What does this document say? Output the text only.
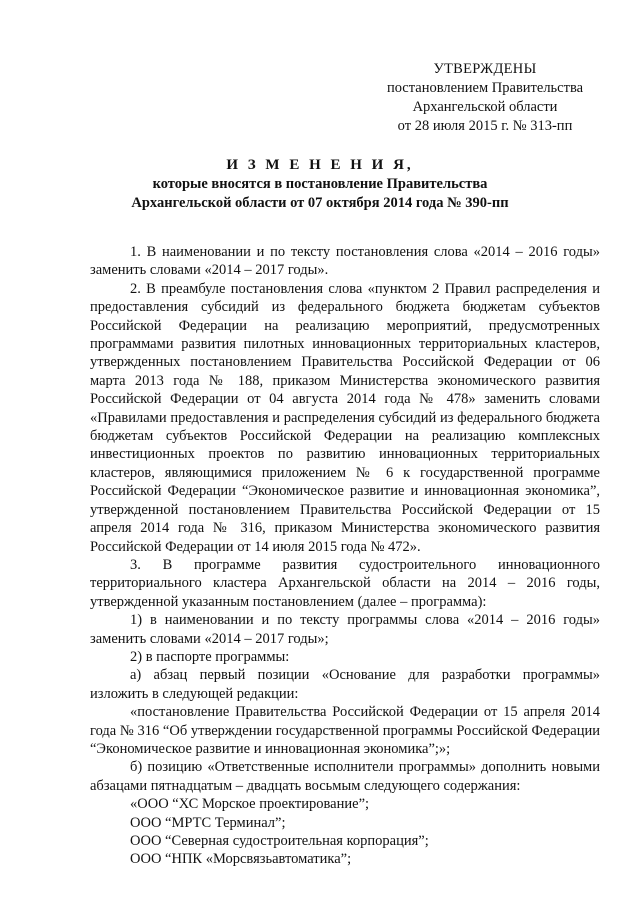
УТВЕРЖДЕНЫ
постановлением Правительства
Архангельской области
от 28 июля 2015 г. № 313-пп
И З М Е Н Е Н И Я,
которые вносятся в постановление Правительства
Архангельской области от 07 октября 2014 года № 390-пп

1. В наименовании и по тексту постановления слова «2014 – 2016 годы» заменить словами «2014 – 2017 годы».

2. В преамбуле постановления слова «пунктом 2 Правил распределения и предоставления субсидий из федерального бюджета бюджетам субъектов Российской Федерации на реализацию мероприятий, предусмотренных программами развития пилотных инновационных территориальных кластеров, утвержденных постановлением Правительства Российской Федерации от 06 марта 2013 года № 188, приказом Министерства экономического развития Российской Федерации от 04 августа 2014 года № 478» заменить словами «Правилами предоставления и распределения субсидий из федерального бюджета бюджетам субъектов Российской Федерации на реализацию комплексных инвестиционных проектов по развитию инновационных территориальных кластеров, являющимися приложением № 6 к государственной программе Российской Федерации “Экономическое развитие и инновационная экономика”, утвержденной постановлением Правительства Российской Федерации от 15 апреля 2014 года № 316, приказом Министерства экономического развития Российской Федерации от 14 июля 2015 года № 472».

3. В программе развития судостроительного инновационного территориального кластера Архангельской области на 2014 – 2016 годы, утвержденной указанным постановлением (далее – программа):

1) в наименовании и по тексту программы слова «2014 – 2016 годы» заменить словами «2014 – 2017 годы»;

2) в паспорте программы:

а) абзац первый позиции «Основание для разработки программы» изложить в следующей редакции:

«постановление Правительства Российской Федерации от 15 апреля 2014 года № 316 “Об утверждении государственной программы Российской Федерации “Экономическое развитие и инновационная экономика”;»;

б) позицию «Ответственные исполнители программы» дополнить новыми абзацами пятнадцатым – двадцать восьмым следующего содержания:

«ООО “ХС Морское проектирование”;

ООО “МРТС Терминал”;

ООО “Северная судостроительная корпорация”;

ООО “НПК «Морсвязьавтоматика”;
